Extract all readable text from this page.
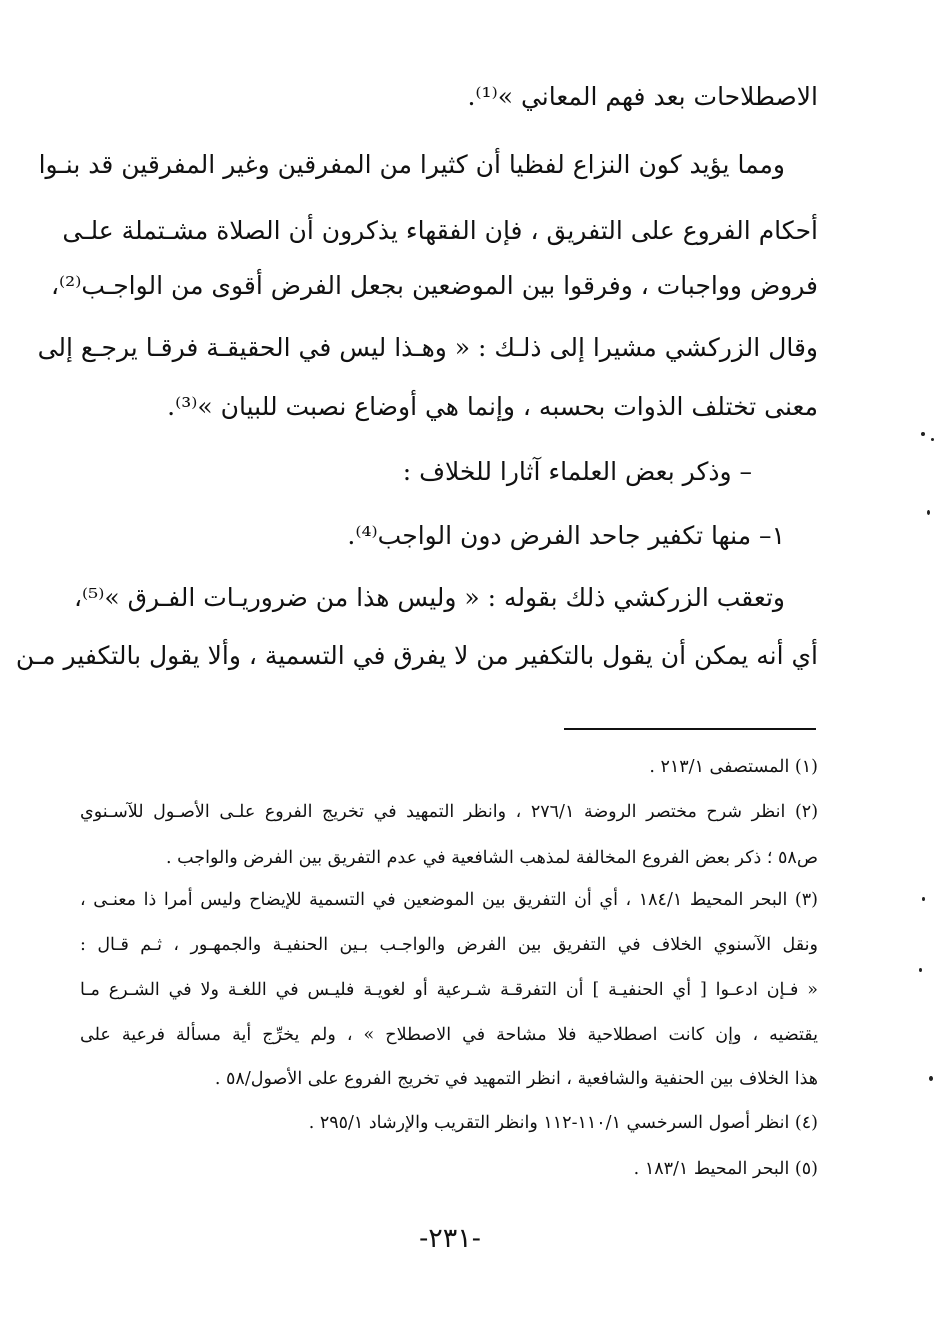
الاصطلاحات بعد فهم المعاني »⁽¹⁾.
ومما يؤيد كون النزاع لفظيا أن كثيرا من المفرقين وغير المفرقين قد بنـوا
أحكام الفروع على التفريق ، فإن الفقهاء يذكرون أن الصلاة مشـتملة علـى
فروض وواجبات ، وفرقوا بين الموضعين بجعل الفرض أقوى من الواجـب⁽²⁾،
وقال الزركشي مشيرا إلى ذلـك : « وهـذا ليس في الحقيقـة فرقـا يرجـع إلى
معنى تختلف الذوات بحسبه ، وإنما هي أوضاع نصبت للبيان »⁽³⁾.
– وذكر بعض العلماء آثارا للخلاف :
١– منها تكفير جاحد الفرض دون الواجب⁽⁴⁾.
وتعقب الزركشي ذلك بقوله : « وليس هذا من ضروريـات الفـرق »⁽⁵⁾،
أي أنه يمكن أن يقول بالتكفير من لا يفرق في التسمية ، وألا يقول بالتكفير مـن
(١) المستصفى ٢١٣/١ .
(٢) انظر شرح مختصر الروضة ٢٧٦/١ ، وانظر التمهيد في تخريج الفروع علـى الأصـول للآسـنوي
ص٥٨ ؛ ذكر بعض الفروع المخالفة لمذهب الشافعية في عدم التفريق بين الفرض والواجب .
(٣) البحر المحيط ١٨٤/١ ، أي أن التفريق بين الموضعين في التسمية للإيضاح وليس أمرا ذا معنـى ،
ونقل الآسنوي الخلاف في التفريق بين الفرض والواجـب بـين الحنفيـة والجمهـور ، ثـم قـال :
« فـإن ادعـوا [ أي الحنفيـة ] أن التفرقـة شـرعية أو لغويـة فليـس في اللغـة ولا في الشـرع مـا
يقتضيه ، وإن كانت اصطلاحية فلا مشاحة في الاصطلاح » ، ولم يخرِّج أية مسألة فرعية على
هذا الخلاف بين الحنفية والشافعية ، انظر التمهيد في تخريج الفروع على الأصول/٥٨ .
(٤) انظر أصول السرخسي ١١٠/١-١١٢ وانظر التقريب والإرشاد ٢٩٥/١ .
(٥) البحر المحيط ١٨٣/١ .
-٢٣١-
